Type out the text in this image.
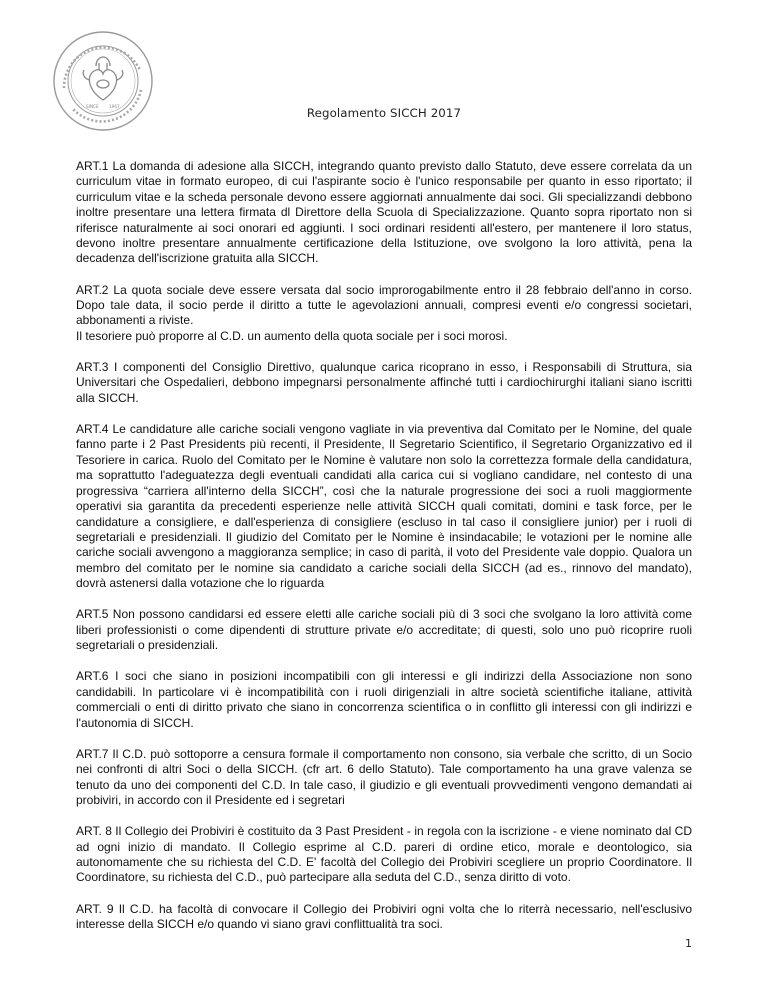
SINCE 1967	Regolamento SICCH 2017

ART.1 La domanda di adesione alla SICCH, integrando quanto previsto dallo Statuto, deve essere correlata da un curriculum vitae in formato europeo, di cui l'aspirante socio è l'unico responsabile per quanto in esso riportato; il curriculum vitae e la scheda personale devono essere aggiornati annualmente dai soci. Gli specializzandi debbono inoltre presentare una lettera firmata dl Direttore della Scuola di Specializzazione. Quanto sopra riportato non si riferisce naturalmente ai soci onorari ed aggiunti. I soci ordinari residenti all'estero, per mantenere il loro status, devono inoltre presentare annualmente certificazione della Istituzione, ove svolgono la loro attività, pena la decadenza dell'iscrizione gratuita alla SICCH.

ART.2 La quota sociale deve essere versata dal socio improrogabilmente entro il 28 febbraio dell'anno in corso. Dopo tale data, il socio perde il diritto a tutte le agevolazioni annuali, compresi eventi e/o congressi societari, abbonamenti a riviste.
Il tesoriere può proporre al C.D. un aumento della quota sociale per i soci morosi.

ART.3 I componenti del Consiglio Direttivo, qualunque carica ricoprano in esso, i Responsabili di Struttura, sia Universitari che Ospedalieri, debbono impegnarsi personalmente affinché tutti i cardiochirurghi italiani siano iscritti alla SICCH.

ART.4 Le candidature alle cariche sociali vengono vagliate in via preventiva dal Comitato per le Nomine, del quale fanno parte i 2 Past Presidents più recenti, il Presidente, Il Segretario Scientifico, il Segretario Organizzativo ed il Tesoriere in carica. Ruolo del Comitato per le Nomine è valutare non solo la correttezza formale della candidatura, ma soprattutto l'adeguatezza degli eventuali candidati alla carica cui si vogliano candidare, nel contesto di una progressiva “carriera all'interno della SICCH”, così che la naturale progressione dei soci a ruoli maggiormente operativi sia garantita da precedenti esperienze nelle attività SICCH quali comitati, domini e task force, per le candidature a consigliere, e dall'esperienza di consigliere (escluso in tal caso il consigliere junior) per i ruoli di segretariali e presidenziali. Il giudizio del Comitato per le Nomine è insindacabile; le votazioni per le nomine alle cariche sociali avvengono a maggioranza semplice; in caso di parità, il voto del Presidente vale doppio. Qualora un membro del comitato per le nomine sia candidato a cariche sociali della SICCH (ad es., rinnovo del mandato), dovrà astenersi dalla votazione che lo riguarda

ART.5 Non possono candidarsi ed essere eletti alle cariche sociali più di 3 soci che svolgano la loro attività come liberi professionisti o come dipendenti di strutture private e/o accreditate; di questi, solo uno può ricoprire ruoli segretariali o presidenziali.

ART.6 I soci che siano in posizioni incompatibili con gli interessi e gli indirizzi della Associazione non sono candidabili. In particolare vi è incompatibilità con i ruoli dirigenziali in altre società scientifiche italiane, attività commerciali o enti di diritto privato che siano in concorrenza scientifica o in conflitto gli interessi con gli indirizzi e l'autonomia di SICCH.

ART.7 Il C.D. può sottoporre a censura formale il comportamento non consono, sia verbale che scritto, di un Socio nei confronti di altri Soci o della SICCH. (cfr art. 6 dello Statuto). Tale comportamento ha una grave valenza se tenuto da uno dei componenti del C.D. In tale caso, il giudizio e gli eventuali provvedimenti vengono demandati ai probiviri, in accordo con il Presidente ed i segretari

ART. 8 Il Collegio dei Probiviri è costituito da 3 Past President - in regola con la iscrizione - e viene nominato dal CD ad ogni inizio di mandato. Il Collegio esprime al C.D. pareri di ordine etico, morale e deontologico, sia autonomamente che su richiesta del C.D. E' facoltà del Collegio dei Probiviri scegliere un proprio Coordinatore. Il Coordinatore, su richiesta del C.D., può partecipare alla seduta del C.D., senza diritto di voto.

ART. 9 Il C.D. ha facoltà di convocare il Collegio dei Probiviri ogni volta che lo riterrà necessario, nell'esclusivo interesse della SICCH e/o quando vi siano gravi conflittualità tra soci.

1
